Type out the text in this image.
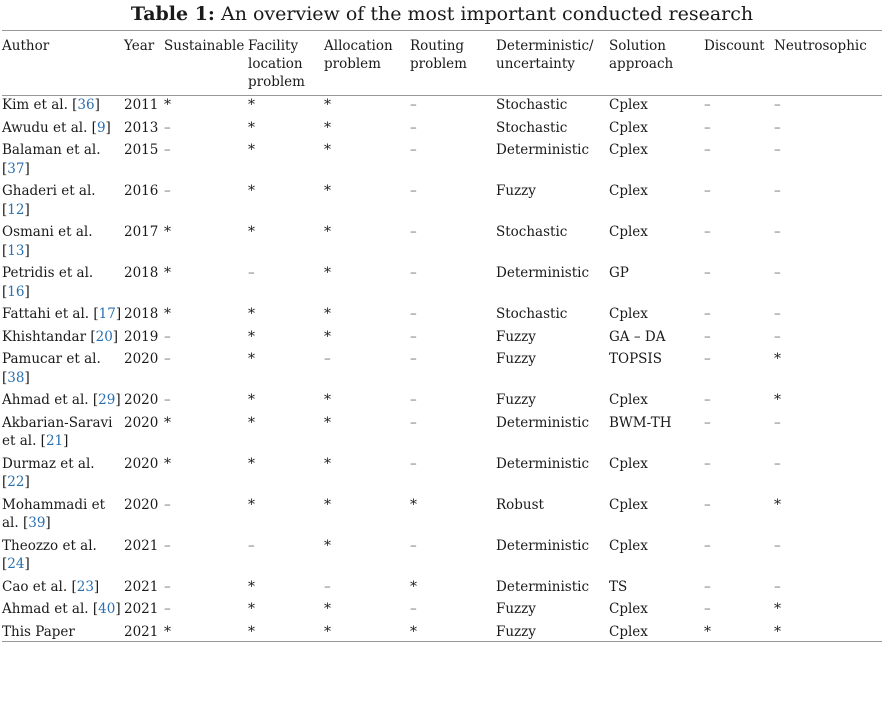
Table 1: An overview of the most important conducted research
Author	Year	Sustainable	Facility location problem	Allocation problem	Routing problem	Deterministic/ uncertainty	Solution approach	Discount	Neutrosophic
Kim et al. [36]	2011	*	*	*	–	Stochastic	Cplex	–	–
Awudu et al. [9]	2013	–	*	*	–	Stochastic	Cplex	–	–
Balaman et al. [37]	2015	–	*	*	–	Deterministic	Cplex	–	–
Ghaderi et al. [12]	2016	–	*	*	–	Fuzzy	Cplex	–	–
Osmani et al. [13]	2017	*	*	*	–	Stochastic	Cplex	–	–
Petridis et al. [16]	2018	*	–	*	–	Deterministic	GP	–	–
Fattahi et al. [17]	2018	*	*	*	–	Stochastic	Cplex	–	–
Khishtandar [20]	2019	–	*	*	–	Fuzzy	GA – DA	–	–
Pamucar et al. [38]	2020	–	*	–	–	Fuzzy	TOPSIS	–	*
Ahmad et al. [29]	2020	–	*	*	–	Fuzzy	Cplex	–	*
Akbarian-Saravi et al. [21]	2020	*	*	*	–	Deterministic	BWM-TH	–	–
Durmaz et al. [22]	2020	*	*	*	–	Deterministic	Cplex	–	–
Mohammadi et al. [39]	2020	–	*	*	*	Robust	Cplex	–	*
Theozzo et al. [24]	2021	–	–	*	–	Deterministic	Cplex	–	–
Cao et al. [23]	2021	–	*	–	*	Deterministic	TS	–	–
Ahmad et al. [40]	2021	–	*	*	–	Fuzzy	Cplex	–	*
This Paper	2021	*	*	*	*	Fuzzy	Cplex	*	*
